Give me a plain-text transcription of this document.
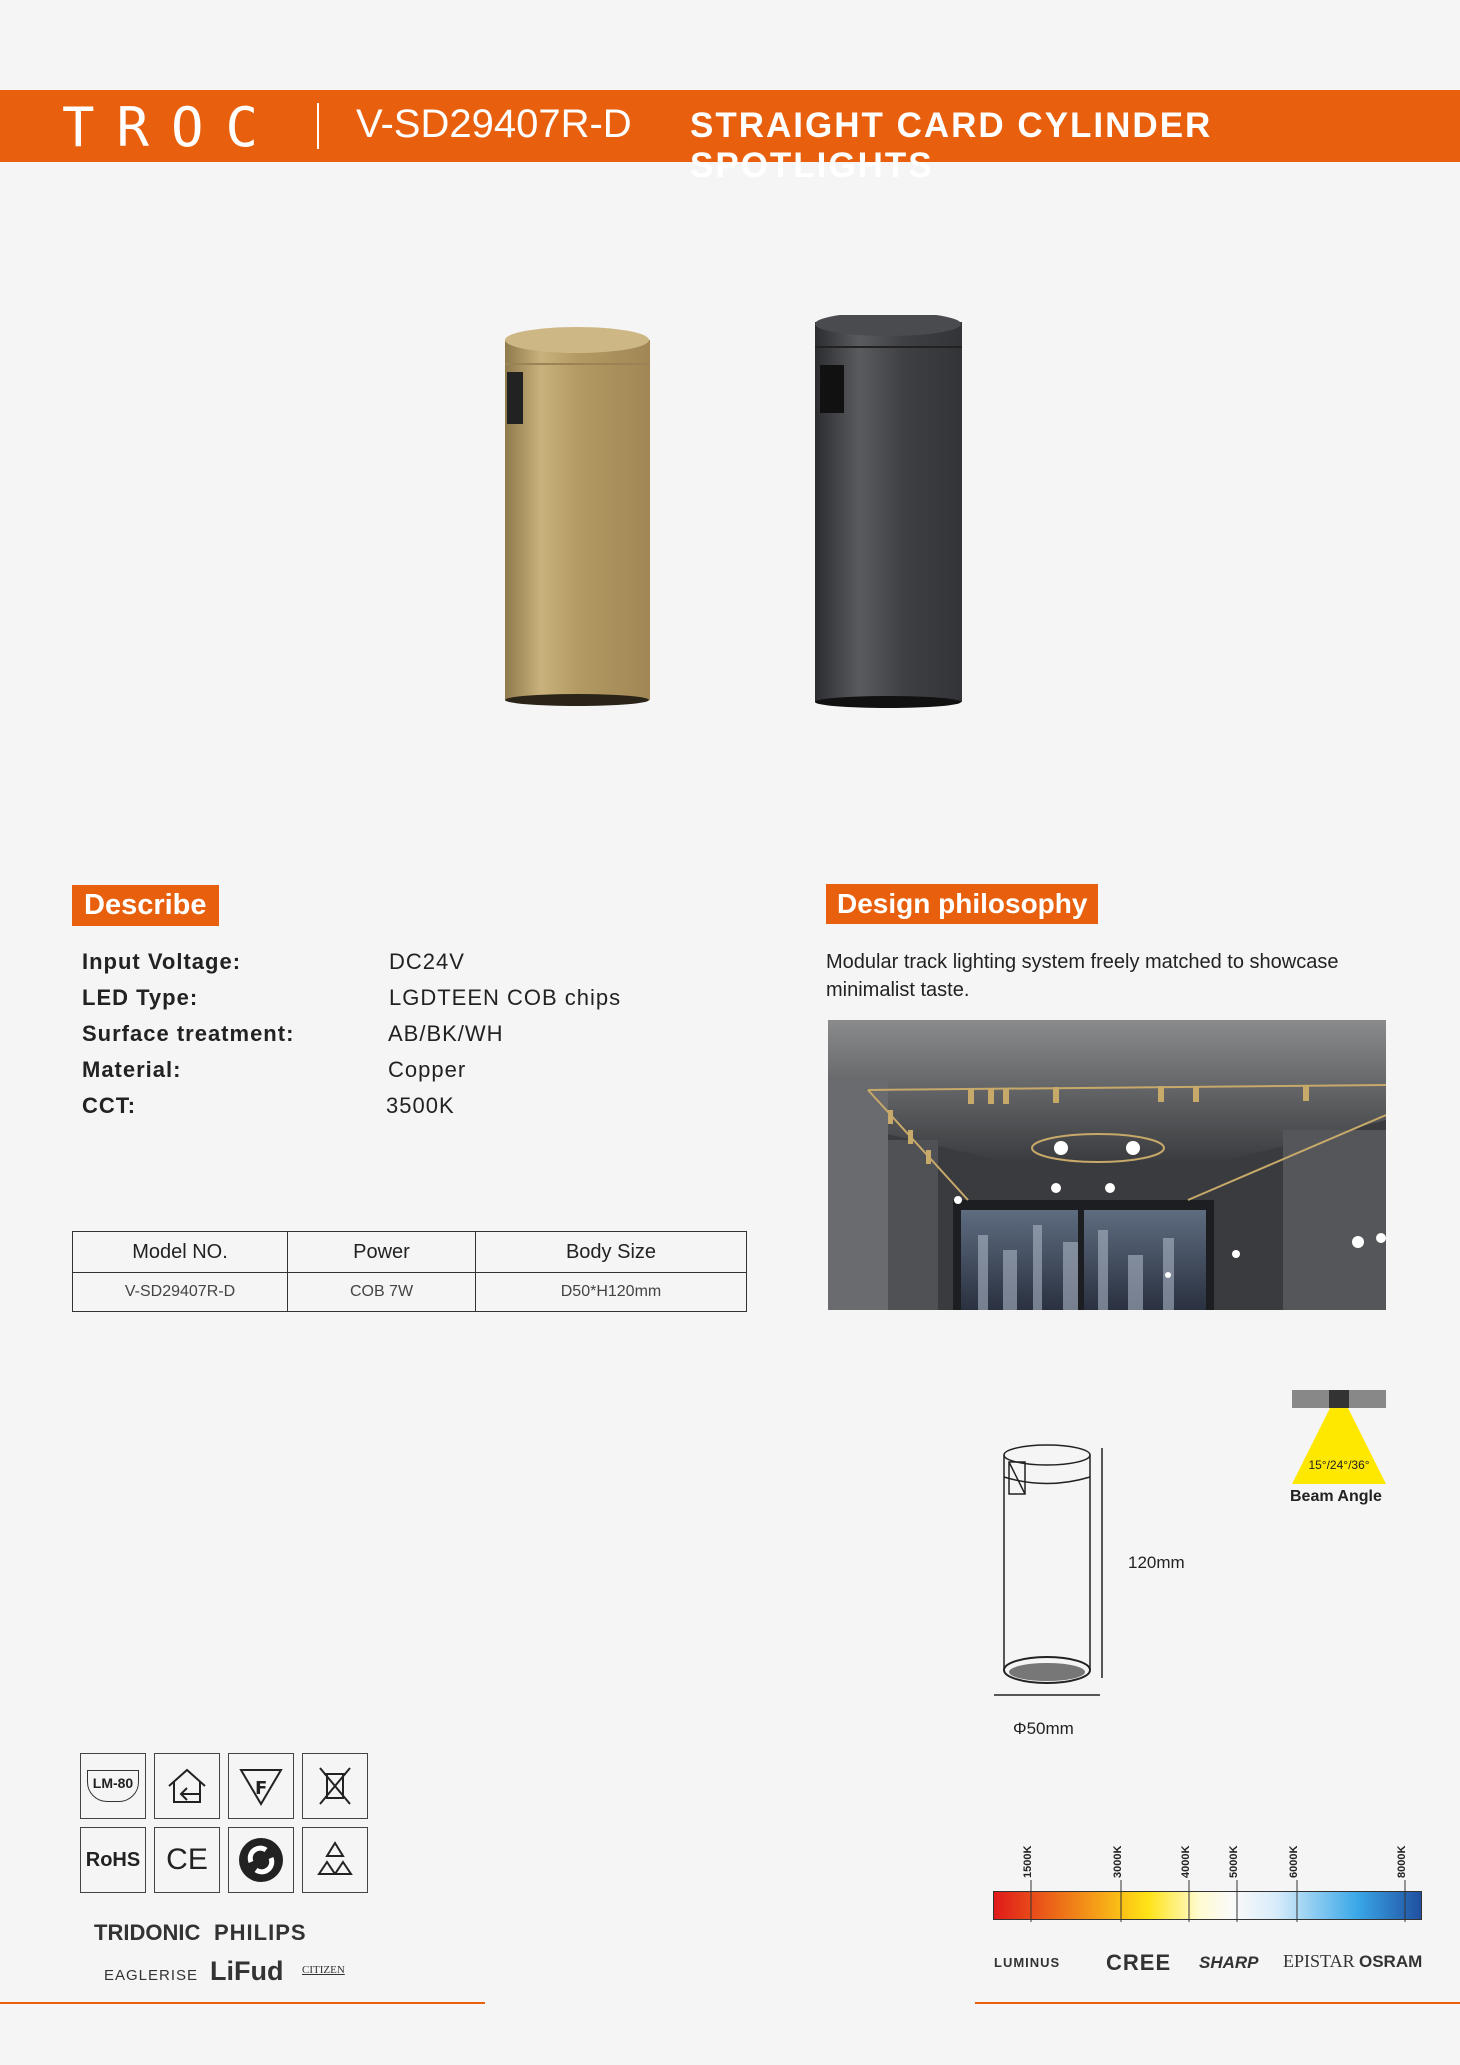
TROC V-SD29407R-D STRAIGHT CARD CYLINDER SPOTLIGHTS
Describe
Input Voltage:	DC24V
LED Type:	LGDTEEN COB chips
Surface treatment:	AB/BK/WH
Material:	Copper
CCT:	3500K
Model NO.	Power	Body Size
V-SD29407R-D	COB 7W	D50*H120mm
Design philosophy
Modular track lighting system freely matched to showcase minimalist taste.
120mm
Φ50mm
15°/24°/36°
Beam Angle
LM-80	F
RoHS CE
TRIDONIC PHILIPS
EAGLERISE LiFud CITIZEN
1500K	3000K	4000K	5000K	6000K	8000K
LUMINUS CREE SHARP EPISTAR OSRAM
